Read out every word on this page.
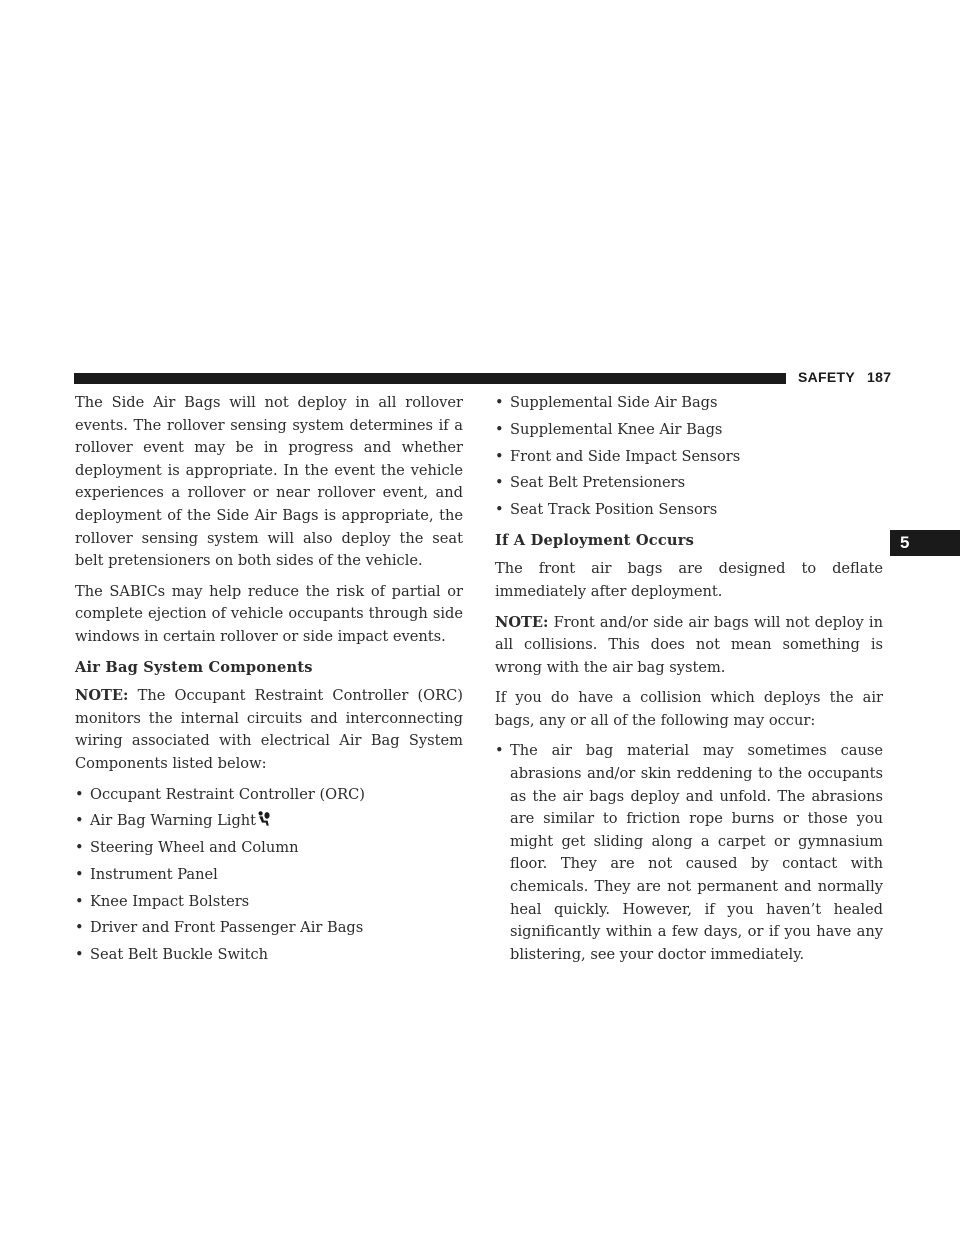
SAFETY 187
5

The Side Air Bags will not deploy in all rollover events. The rollover sensing system determines if a rollover event may be in progress and whether deployment is appropriate. In the event the vehicle experiences a rollover or near rollover event, and deployment of the Side Air Bags is appropriate, the rollover sensing system will also deploy the seat belt pretensioners on both sides of the vehicle.

The SABICs may help reduce the risk of partial or complete ejection of vehicle occupants through side windows in certain rollover or side impact events.

Air Bag System Components

NOTE: The Occupant Restraint Controller (ORC) monitors the internal circuits and interconnecting wiring associated with electrical Air Bag System Components listed below:

• Occupant Restraint Controller (ORC)
• Air Bag Warning Light
• Steering Wheel and Column
• Instrument Panel
• Knee Impact Bolsters
• Driver and Front Passenger Air Bags
• Seat Belt Buckle Switch
• Supplemental Side Air Bags
• Supplemental Knee Air Bags
• Front and Side Impact Sensors
• Seat Belt Pretensioners
• Seat Track Position Sensors
If A Deployment Occurs

The front air bags are designed to deflate immediately after deployment.

NOTE: Front and/or side air bags will not deploy in all collisions. This does not mean something is wrong with the air bag system.

If you do have a collision which deploys the air bags, any or all of the following may occur:

• The air bag material may sometimes cause abrasions and/or skin reddening to the occupants as the air bags deploy and unfold. The abrasions are similar to friction rope burns or those you might get sliding along a carpet or gymnasium floor. They are not caused by contact with chemicals. They are not permanent and normally heal quickly. However, if you haven’t healed significantly within a few days, or if you have any blistering, see your doctor immediately.
